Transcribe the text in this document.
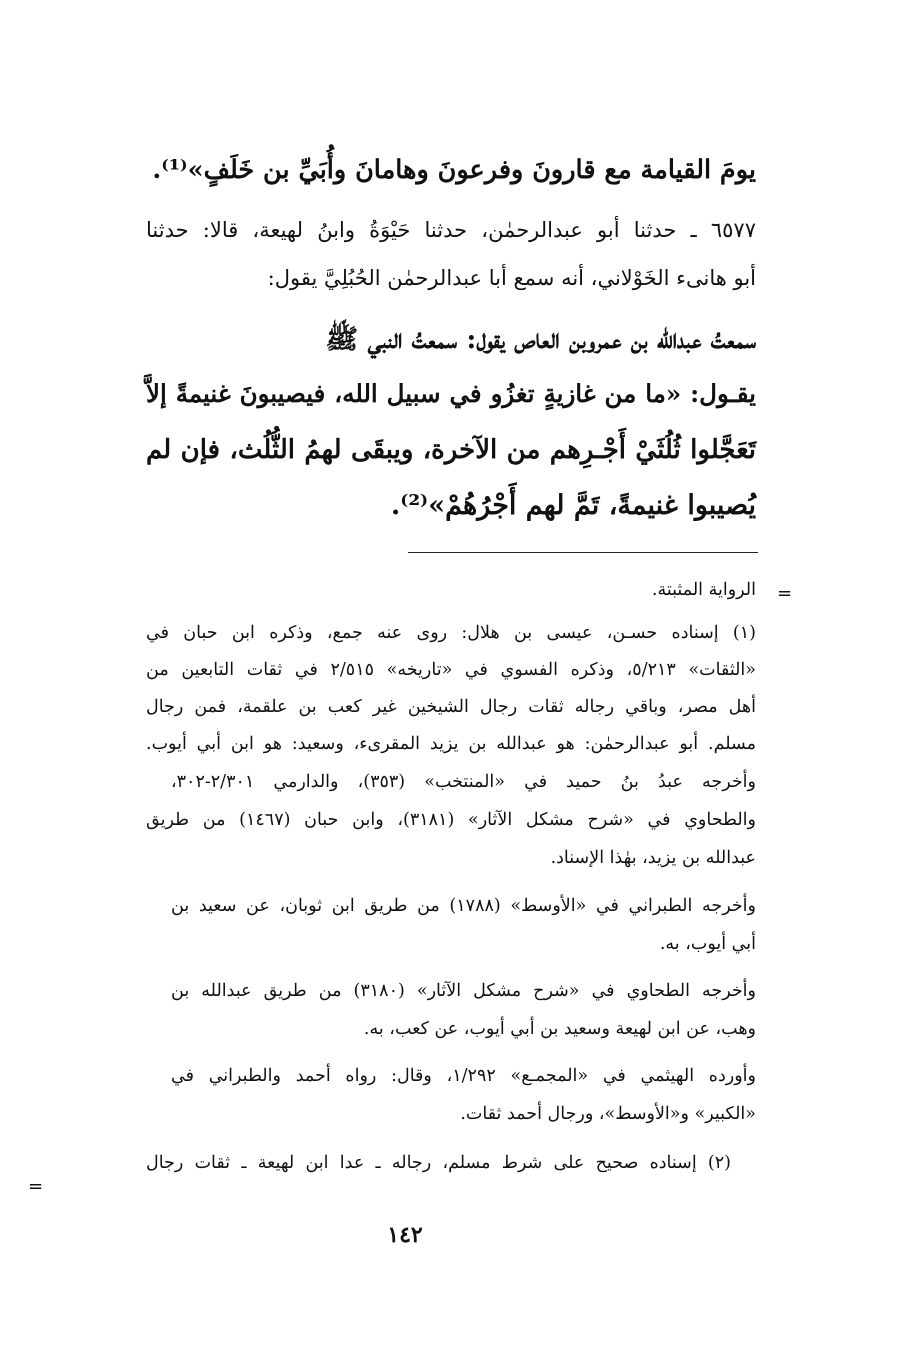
يومَ القيامة مع قارونَ وفرعونَ وهامانَ وأُبَيِّ بن خَلَفٍ»⁽¹⁾.
٦٥٧٧ ـ حدثنا أبو عبدالرحمٰن، حدثنا حَيْوَةُ وابنُ لهيعة، قالا: حدثنا
أبو هانىء الخَوْلاني، أنه سمع أبا عبدالرحمٰن الحُبُلِيَّ يقول:
سمعتُ عبدالله بن عمروبن العاص يقول: سمعتُ النبي ﷺ
يقـول: «ما من غازيةٍ تغزُو في سبيل الله، فيصيبونَ غنيمةً إلاَّ
تَعَجَّلوا ثُلُثَيْ أَجْـرِهم من الآخرة، ويبقَى لهمُ الثُّلُث، فإن لم
يُصيبوا غنيمةً، تَمَّ لهم أَجْرُهُمْ»⁽²⁾.
=
الرواية المثبتة.
(١) إسناده حسـن، عيسى بن هلال: روى عنه جمع، وذكره ابن حبان في
«الثقات» ٥/٢١٣، وذكره الفسوي في «تاريخه» ٢/٥١٥ في ثقات التابعين من
أهل مصر، وباقي رجاله ثقات رجال الشيخين غير كعب بن علقمة، فمن رجال
مسلم. أبو عبدالرحمٰن: هو عبدالله بن يزيد المقرىء، وسعيد: هو ابن أبي أيوب.
وأخرجه عبدُ بنُ حميد في «المنتخب» (٣٥٣)، والدارمي ٢/٣٠١-٣٠٢،
والطحاوي في «شرح مشكل الآثار» (٣١٨١)، وابن حبان (١٤٦٧) من طريق
عبدالله بن يزيد، بهٰذا الإسناد.
وأخرجه الطبراني في «الأوسط» (١٧٨٨) من طريق ابن ثوبان، عن سعيد بن
أبي أيوب، به.
وأخرجه الطحاوي في «شرح مشكل الآثار» (٣١٨٠) من طريق عبدالله بن
وهب، عن ابن لهيعة وسعيد بن أبي أيوب، عن كعب، به.
وأورده الهيثمي في «المجمـع» ١/٢٩٢، وقال: رواه أحمد والطبراني في
«الكبير» و«الأوسط»، ورجال أحمد ثقات.
(٢) إسناده صحيح على شرط مسلم، رجاله ـ عدا ابن لهيعة ـ ثقات رجال
=
١٤٢
